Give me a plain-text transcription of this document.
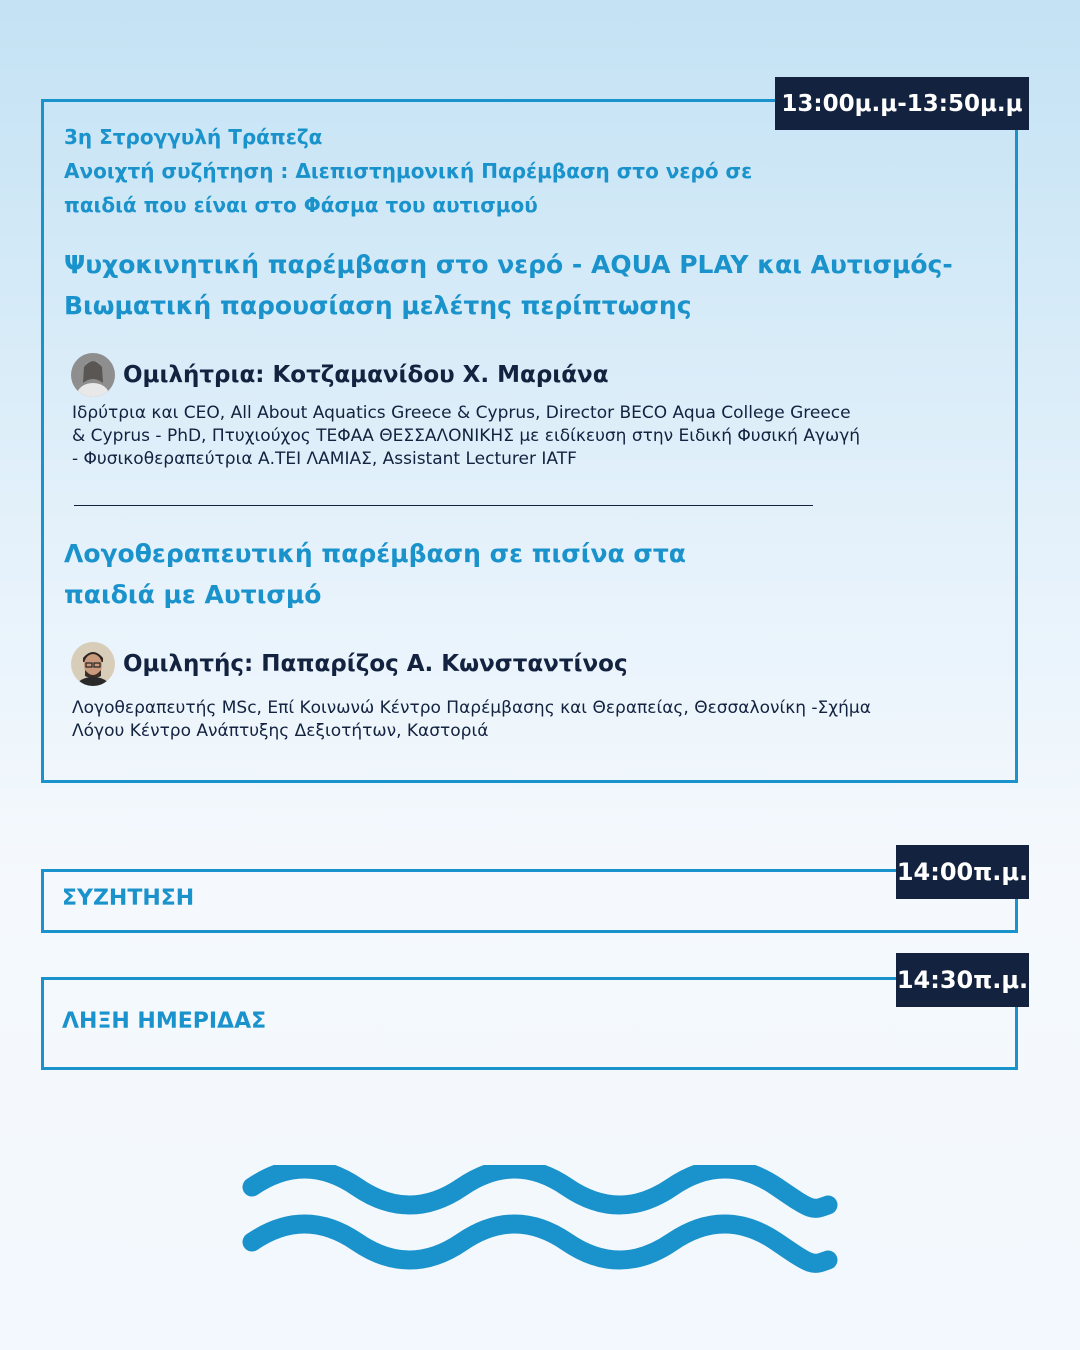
3η Στρογγυλή Τράπεζα
Ανοιχτή συζήτηση : Διεπιστημονική Παρέμβαση στο νερό σε
παιδιά που είναι στο Φάσμα του αυτισμού
Ψυχοκινητική παρέμβαση στο νερό - AQUA PLAY και Αυτισμός-
Βιωματική παρουσίαση μελέτης περίπτωσης
Ομιλήτρια: Κοτζαμανίδου Χ. Μαριάνα
Ιδρύτρια και CEO, All About Aquatics Greece & Cyprus, Director BECO Aqua College Greece
& Cyprus - PhD, Πτυχιούχος ΤΕΦΑΑ ΘΕΣΣΑΛΟΝΙΚΗΣ με ειδίκευση στην Ειδική Φυσική Αγωγή
- Φυσικοθεραπεύτρια Α.ΤΕΙ ΛΑΜΙΑΣ, Assistant Lecturer IATF
Λογοθεραπευτική παρέμβαση σε πισίνα στα
παιδιά με Αυτισμό
Ομιλητής: Παπαρίζος Α. Κωνσταντίνος
Λογοθεραπευτής MSc, Επί Κοινωνώ Κέντρο Παρέμβασης και Θεραπείας, Θεσσαλονίκη -Σχήμα
Λόγου Κέντρο Ανάπτυξης Δεξιοτήτων, Καστοριά
13:00μ.μ-13:50μ.μ
ΣΥΖΗΤΗΣΗ
14:00π.μ.
ΛΗΞΗ ΗΜΕΡΙΔΑΣ
14:30π.μ.
